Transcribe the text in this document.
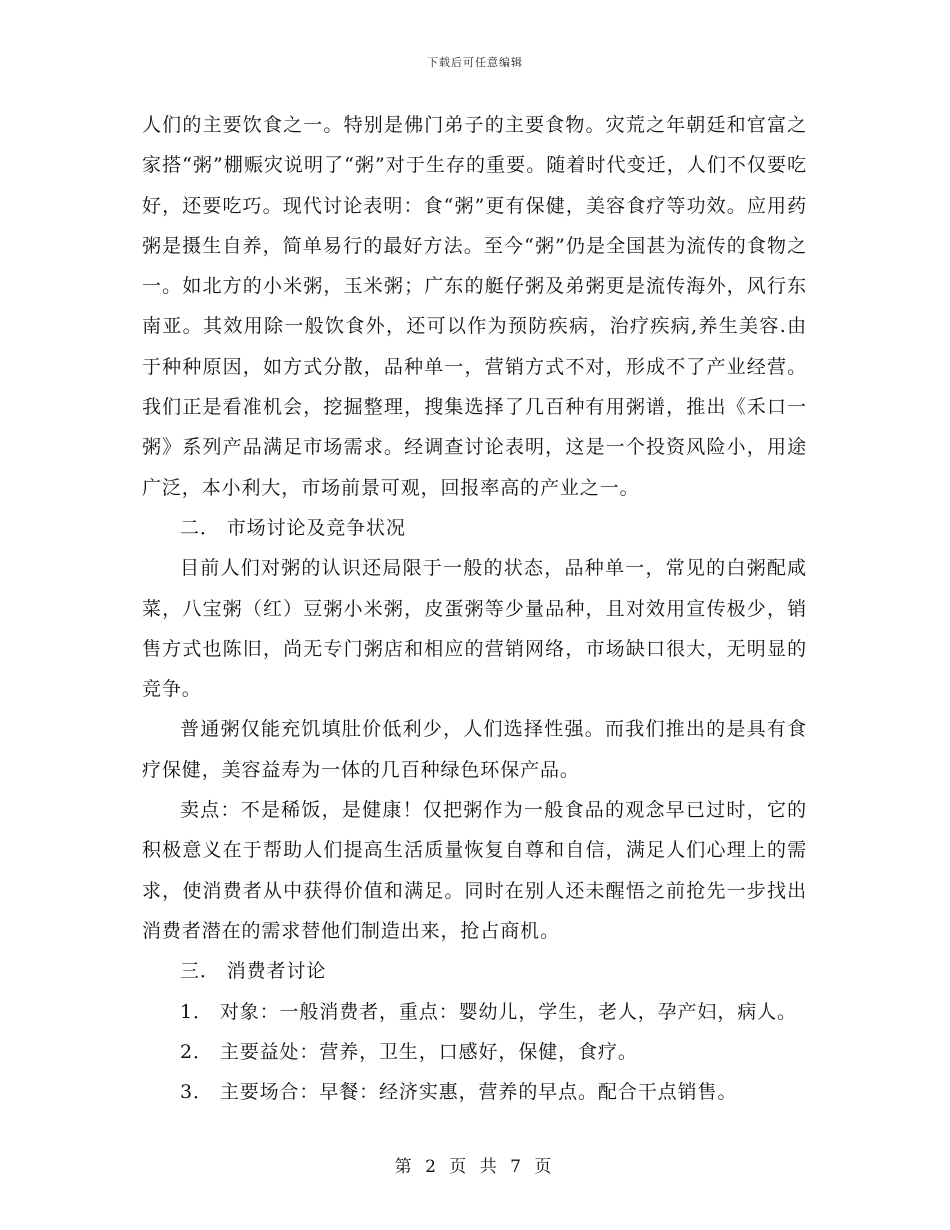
下载后可任意编辑

人们的主要饮食之一。特别是佛门弟子的主要食物。灾荒之年朝廷和官富之家搭“粥”棚赈灾说明了“粥”对于生存的重要。随着时代变迁，人们不仅要吃好，还要吃巧。现代讨论表明：食“粥”更有保健，美容食疗等功效。应用药粥是摄生自养，简单易行的最好方法。至今“粥”仍是全国甚为流传的食物之一。如北方的小米粥，玉米粥；广东的艇仔粥及弟粥更是流传海外，风行东南亚。其效用除一般饮食外，还可以作为预防疾病，治疗疾病,养生美容.由于种种原因，如方式分散，品种单一，营销方式不对，形成不了产业经营。我们正是看准机会，挖掘整理，搜集选择了几百种有用粥谱，推出《禾口一粥》系列产品满足市场需求。经调查讨论表明，这是一个投资风险小，用途广泛，本小利大，市场前景可观，回报率高的产业之一。

二． 市场讨论及竞争状况

目前人们对粥的认识还局限于一般的状态，品种单一，常见的白粥配咸菜，八宝粥（红）豆粥小米粥，皮蛋粥等少量品种，且对效用宣传极少，销售方式也陈旧，尚无专门粥店和相应的营销网络，市场缺口很大，无明显的竞争。

普通粥仅能充饥填肚价低利少，人们选择性强。而我们推出的是具有食疗保健，美容益寿为一体的几百种绿色环保产品。

卖点：不是稀饭，是健康！仅把粥作为一般食品的观念早已过时，它的积极意义在于帮助人们提高生活质量恢复自尊和自信，满足人们心理上的需求，使消费者从中获得价值和满足。同时在别人还未醒悟之前抢先一步找出消费者潜在的需求替他们制造出来，抢占商机。

三． 消费者讨论

1． 对象：一般消费者，重点：婴幼儿，学生，老人，孕产妇，病人。

2． 主要益处：营养，卫生，口感好，保健，食疗。

3． 主要场合：早餐：经济实惠，营养的早点。配合干点销售。

第 2 页 共 7 页
